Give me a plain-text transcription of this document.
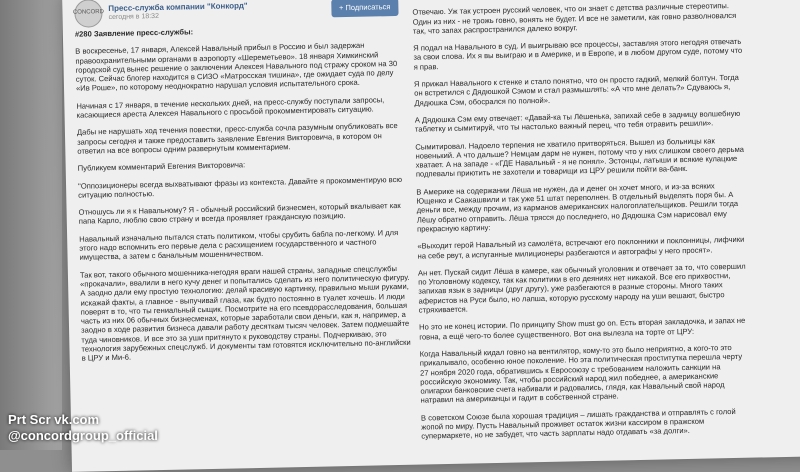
CONCORD
Пресс-служба компании "Конкорд"
сегодня в 18:32
+ Подписаться

#280 Заявление пресс-службы:

В воскресенье, 17 января, Алексей Навальный прибыл в Россию и был задержан правоохранительными органами в аэропорту «Шереметьево». 18 января Химкинский городской суд вынес решение о заключении Алексея Навального под стражу сроком на 30 суток. Сейчас блогер находится в СИЗО «Матросская тишина», где ожидает суда по делу «Ив Роше», по которому неоднократно нарушал условия испытательного срока.

Начиная с 17 января, в течение нескольких дней, на пресс-службу поступали запросы, касающиеся ареста Алексея Навального с просьбой прокомментировать ситуацию.

Дабы не нарушать ход течения повестки, пресс-служба сочла разумным опубликовать все запросы сегодня и также предоставить заявление Евгения Викторовича, в котором он ответил на все вопросы одним развернутым комментарием.

Публикуем комментарий Евгения Викторовича:

"Оппозиционеры всегда выхватывают фразы из контекста. Давайте я прокомментирую всю ситуацию полностью.

Отношусь ли я к Навальному? Я - обычный российский бизнесмен, который вкалывает как папа Карло, люблю свою страну и всегда проявляет гражданскую позицию.

Навальный изначально пытался стать политиком, чтобы срубить бабла по-легкому. И для этого надо вспомнить его первые дела с расхищением государственного и частного имущества, а затем с банальным мошенничеством.

Так вот, такого обычного мошенника-негодяя враги нашей страны, западные спецслужбы «прокачали», ввалили в него кучу денег и попытались сделать из него политическую фигуру. А заодно дали ему простую технологию: делай красивую картинку, правильно мыши руками, искажай факты, а главное - выпучивай глаза, как будто постоянно в туалет хочешь. И люди поверят в то, что ты гениальный сыщик. Посмотрите на его псевдорасследования, большая часть из них 06 обычных бизнесменах, которые заработали свои деньги, как я, например, а заодно в ходе развития бизнеса давали работу десяткам тысяч человек. Затем подмешайте туда чиновников. И все это за уши притянуто к руководству страны. Подчеркиваю, это технология зарубежных спецслужб. И документы там готовятся исключительно по-английски в ЦРУ и Ми-6.

Отвечаю. Уж так устроен русский человек, что он знает с детства различные стереотипы. Один из них - не трожь говно, вонять не будет. И все не заметили, как говно разволновался так, что запах распространился далеко вокруг.

Я подал на Навального в суд. И выигрываю все процессы, заставляя этого негодяя отвечать за свои слова. Их я вы выиграю и в Америке, и в Европе, и в любом другом суде, потому что я прав.

Я прижал Навального к стенке и стало понятно, что он просто гадкий, мелкий болтун. Тогда он встретился с Дядюшкой Сэмом и стал размышлять: «А что мне делать?» Сдуваюсь я, Дядюшка Сэм, обосрался по полной».

А Дядюшка Сэм ему отвечает: «Давай-ка ты Лёшенька, запихай себе в задницу волшебную таблетку и сымитируй, что ты настолько важный перец, что тебя отравить решили».

Сымитировал. Надоело терпения не хватило притворяться. Вышел из больницы как новенький. А что дальше? Немцам дарм не нужен, потому что у них слишком своего дерьма хватает. А на западе - «ГДЕ Навальный - я не понял». Эстонцы, латыши и всякие кулацкие подпевалы приютить не захотели и товарищи из ЦРУ решили пойти ва-банк.

В Америке на содержании Лёша не нужен, да и денег он хочет много, и из-за всяких Ющенко и Саакашвили и так уже 51 штат переполнен. В отдельный выделять поря бы. А деньги все, между прочим, из карманов американских налогоплательщиков. Решили тогда Лёшу обратно отправить. Лёша трясся до последнего, но Дядюшка Сэм нарисовал ему прекрасную картину:

«Выходит герой Навальный из самолёта, встречают его поклонники и поклонницы, лифчики на себе рвут, а испуганные милиционеры разбегаются и автографы у него просят».

Ан нет. Пускай сидит Лёша в камере, как обычный уголовник и отвечает за то, что совершил по Уголовному кодексу, так как политики в его деяниях нет никакой. Все его прихвостни, запихав язык в задницы (друг другу), уже разбегаются в разные стороны. Много таких аферистов на Руси было, но лапша, которую русскому народу на уши вешают, быстро стряхивается.

Но это не конец истории. По принципу Show must go on. Есть вторая закладочка, и запах не говна, а ещё чего-то более существенного. Вот она вылезла на торте от ЦРУ:

Когда Навальный кидал говно на вентилятор, кому-то это было неприятно, а кого-то это прикалывало, особенно юное поколение. Но эта политическая проститутка перешла черту 27 ноября 2020 года, обратившись к Евросоюзу с требованием наложить санкции на российскую экономику. Так, чтобы российский народ жил победнее, а американские олигархи банковские счета набивали и радовались, глядя, как Навальный свой народ натравил на американцы и гадит в собственной стране.

В советском Союзе была хорошая традиция – лишать гражданства и отправлять с голой жопой по миру. Пусть Навальный проживет остаток жизни кассиром в пражском супермаркете, но не забудет, что часть зарплаты надо отдавать «за долги».

Prt Scr vk.com
@concordgroup_official
